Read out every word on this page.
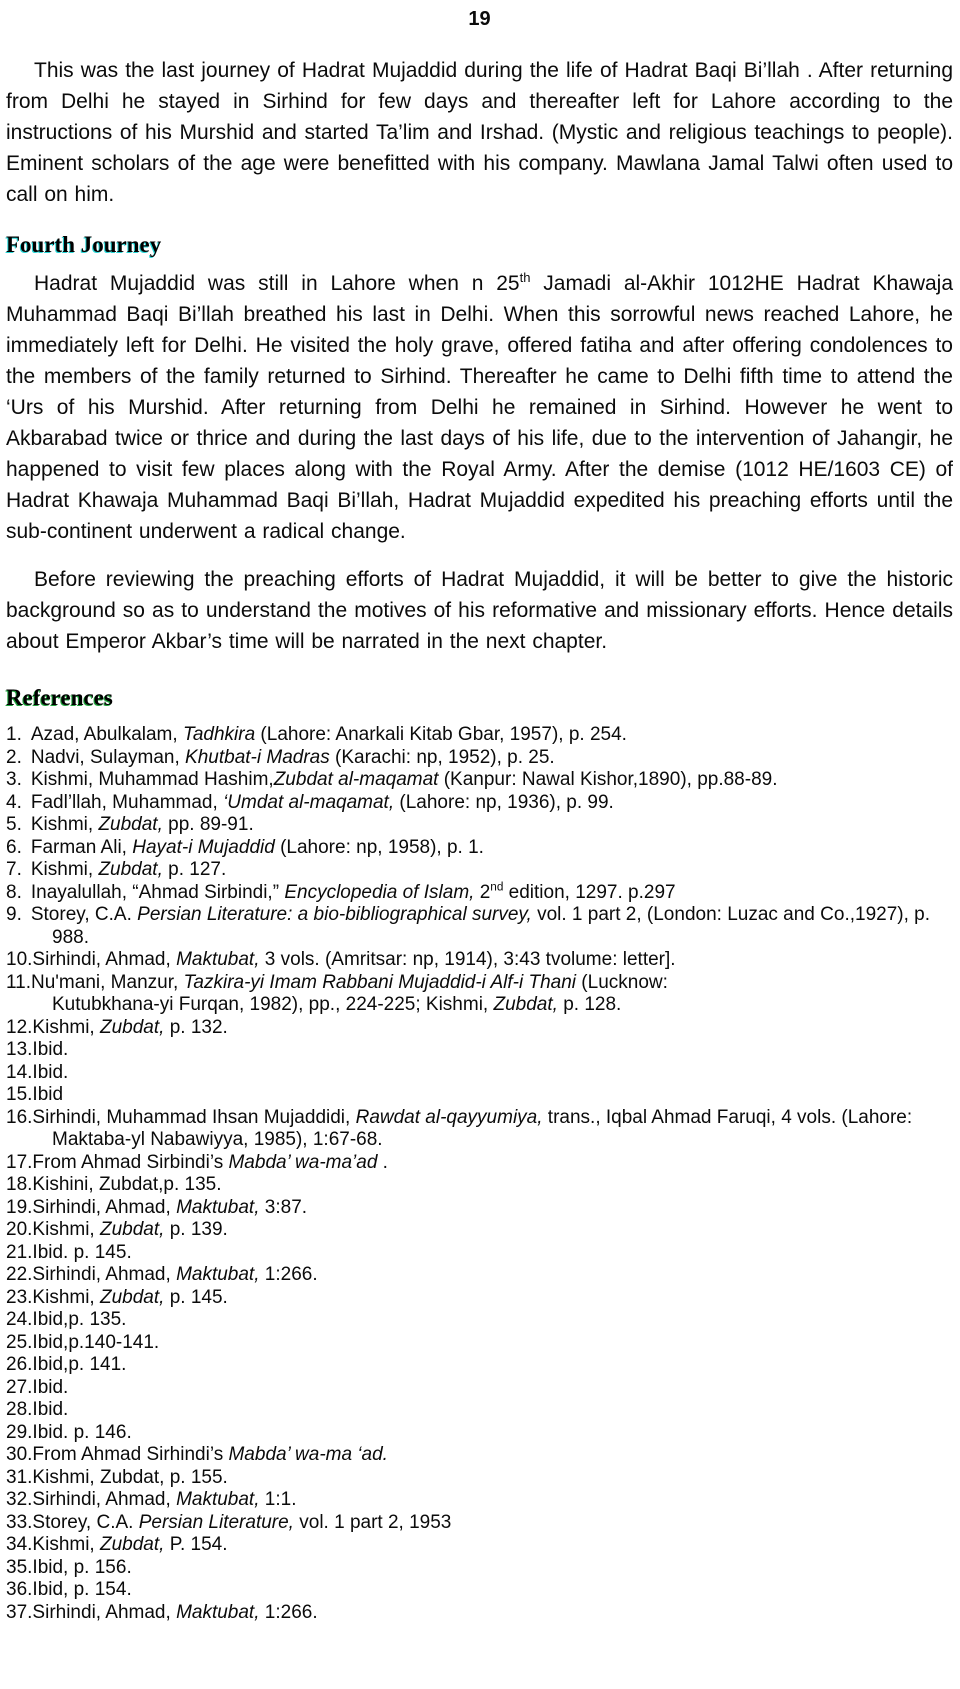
19

This was the last journey of Hadrat Mujaddid during the life of Hadrat Baqi Bi’llah . After returning from Delhi he stayed in Sirhind for few days and thereafter left for Lahore according to the instructions of his Murshid and started Ta’lim and Irshad. (Mystic and religious teachings to people). Eminent scholars of the age were benefitted with his company. Mawlana Jamal Talwi often used to call on him.

Fourth Journey

Hadrat Mujaddid was still in Lahore when n 25th Jamadi al-Akhir 1012HE Hadrat Khawaja Muhammad Baqi Bi’llah breathed his last in Delhi. When this sorrowful news reached Lahore, he immediately left for Delhi. He visited the holy grave, offered fatiha and after offering condolences to the members of the family returned to Sirhind. Thereafter he came to Delhi fifth time to attend the ‘Urs of his Murshid. After returning from Delhi he remained in Sirhind. However he went to Akbarabad twice or thrice and during the last days of his life, due to the intervention of Jahangir, he happened to visit few places along with the Royal Army. After the demise (1012 HE/1603 CE) of Hadrat Khawaja Muhammad Baqi Bi’llah, Hadrat Mujaddid expedited his preaching efforts until the sub-continent underwent a radical change.

Before reviewing the preaching efforts of Hadrat Mujaddid, it will be better to give the historic background so as to understand the motives of his reformative and missionary efforts. Hence details about Emperor Akbar’s time will be narrated in the next chapter.

References
1. Azad, Abulkalam, Tadhkira (Lahore: Anarkali Kitab Gbar, 1957), p. 254.
2. Nadvi, Sulayman, Khutbat-i Madras (Karachi: np, 1952), p. 25.
3. Kishmi, Muhammad Hashim,Zubdat al-maqamat (Kanpur: Nawal Kishor,1890), pp.88-89.
4. Fadl’llah, Muhammad, ‘Umdat al-maqamat, (Lahore: np, 1936), p. 99.
5. Kishmi, Zubdat, pp. 89-91.
6. Farman Ali, Hayat-i Mujaddid (Lahore: np, 1958), p. 1.
7. Kishmi, Zubdat, p. 127.
8. Inayalullah, “Ahmad Sirbindi,” Encyclopedia of Islam, 2nd edition, 1297. p.297
9. Storey, C.A. Persian Literature: a bio-bibliographical survey, vol. 1 part 2, (London: Luzac and Co.,1927), p. 988.
10.Sirhindi, Ahmad, Maktubat, 3 vols. (Amritsar: np, 1914), 3:43 tvolume: letter].
11.Nu'mani, Manzur, Tazkira-yi Imam Rabbani Mujaddid-i Alf-i Thani (Lucknow:
Kutubkhana-yi Furqan, 1982), pp., 224-225; Kishmi, Zubdat, p. 128.
12.Kishmi, Zubdat, p. 132.
13.Ibid.
14.Ibid.
15.Ibid
16.Sirhindi, Muhammad Ihsan Mujaddidi, Rawdat al-qayyumiya, trans., Iqbal Ahmad Faruqi, 4 vols. (Lahore: Maktaba-yl Nabawiyya, 1985), 1:67-68.
17.From Ahmad Sirbindi’s Mabda’ wa-ma’ad .
18.Kishini, Zubdat,p. 135.
19.Sirhindi, Ahmad, Maktubat, 3:87.
20.Kishmi, Zubdat, p. 139.
21.Ibid. p. 145.
22.Sirhindi, Ahmad, Maktubat, 1:266.
23.Kishmi, Zubdat, p. 145.
24.Ibid,p. 135.
25.Ibid,p.140-141.
26.Ibid,p. 141.
27.Ibid.
28.Ibid.
29.Ibid. p. 146.
30.From Ahmad Sirhindi’s Mabda’ wa-ma ‘ad.
31.Kishmi, Zubdat, p. 155.
32.Sirhindi, Ahmad, Maktubat, 1:1.
33.Storey, C.A. Persian Literature, vol. 1 part 2, 1953
34.Kishmi, Zubdat, P. 154.
35.Ibid, p. 156.
36.Ibid, p. 154.
37.Sirhindi, Ahmad, Maktubat, 1:266.
